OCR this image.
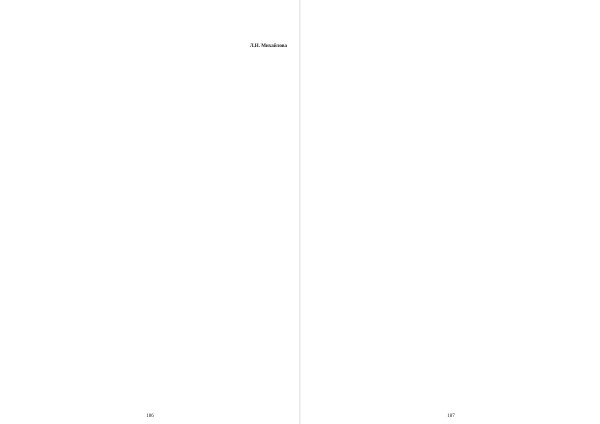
Л.Н. Михайлова
186	187
